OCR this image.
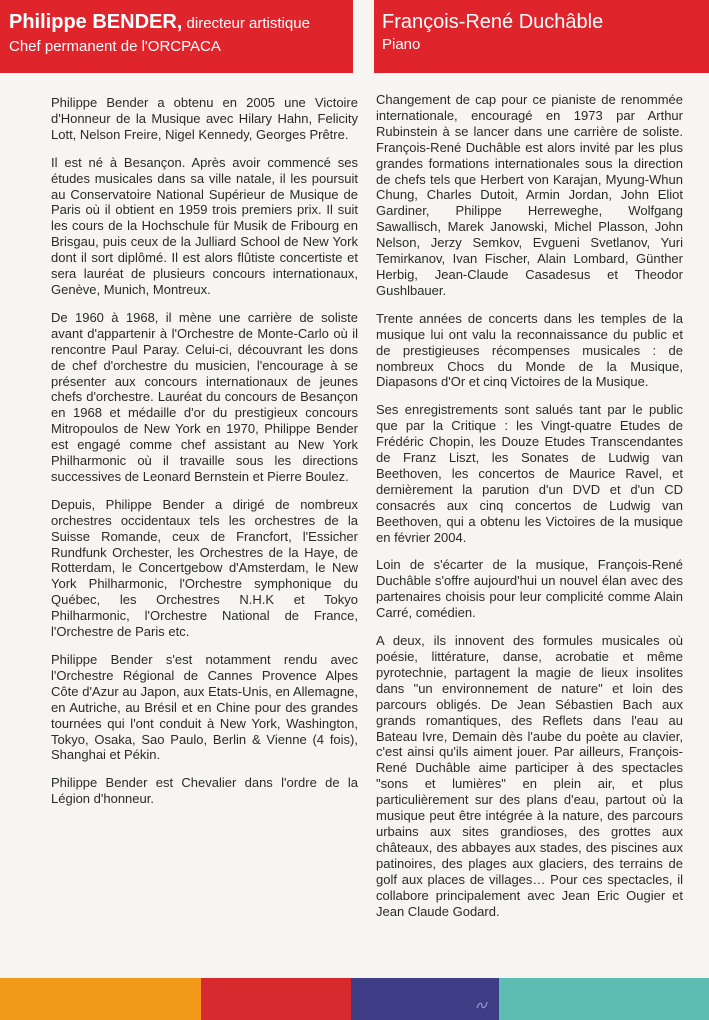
Philippe BENDER, directeur artistique
Chef permanent de l'ORCPACA
François-René Duchâble
Piano

Philippe Bender a obtenu en 2005 une Victoire d'Honneur de la Musique avec Hilary Hahn, Felicity Lott, Nelson Freire, Nigel Kennedy, Georges Prêtre.

Il est né à Besançon. Après avoir commencé ses études musicales dans sa ville natale, il les poursuit au Conservatoire National Supérieur de Musique de Paris où il obtient en 1959 trois premiers prix. Il suit les cours de la Hochschule für Musik de Fribourg en Brisgau, puis ceux de la Julliard School de New York dont il sort diplômé. Il est alors flûtiste concertiste et sera lauréat de plusieurs concours internationaux, Genève, Munich, Montreux.

De 1960 à 1968, il mène une carrière de soliste avant d'appartenir à l'Orchestre de Monte-Carlo où il rencontre Paul Paray. Celui-ci, découvrant les dons de chef d'orchestre du musicien, l'encourage à se présenter aux concours internationaux de jeunes chefs d'orchestre. Lauréat du concours de Besançon en 1968 et médaille d'or du prestigieux concours Mitropoulos de New York en 1970, Philippe Bender est engagé comme chef assistant au New York Philharmonic où il travaille sous les directions successives de Leonard Bernstein et Pierre Boulez.

Depuis, Philippe Bender a dirigé de nombreux orchestres occidentaux tels les orchestres de la Suisse Romande, ceux de Francfort, l'Essicher Rundfunk Orchester, les Orchestres de la Haye, de Rotterdam, le Concertgebow d'Amsterdam, le New York Philharmonic, l'Orchestre symphonique du Québec, les Orchestres N.H.K et Tokyo Philharmonic, l'Orchestre National de France, l'Orchestre de Paris etc.

Philippe Bender s'est notamment rendu avec l'Orchestre Régional de Cannes Provence Alpes Côte d'Azur au Japon, aux Etats-Unis, en Allemagne, en Autriche, au Brésil et en Chine pour des grandes tournées qui l'ont conduit à New York, Washington, Tokyo, Osaka, Sao Paulo, Berlin & Vienne (4 fois), Shanghai et Pékin.

Philippe Bender est Chevalier dans l'ordre de la Légion d'honneur.

Changement de cap pour ce pianiste de renommée internationale, encouragé en 1973 par Arthur Rubinstein à se lancer dans une carrière de soliste. François-René Duchâble est alors invité par les plus grandes formations internationales sous la direction de chefs tels que Herbert von Karajan, Myung-Whun Chung, Charles Dutoit, Armin Jordan, John Eliot Gardiner, Philippe Herreweghe, Wolfgang Sawallisch, Marek Janowski, Michel Plasson, John Nelson, Jerzy Semkov, Evgueni Svetlanov, Yuri Temirkanov, Ivan Fischer, Alain Lombard, Günther Herbig, Jean-Claude Casadesus et Theodor Gushlbauer.

Trente années de concerts dans les temples de la musique lui ont valu la reconnaissance du public et de prestigieuses récompenses musicales : de nombreux Chocs du Monde de la Musique, Diapasons d'Or et cinq Victoires de la Musique.

Ses enregistrements sont salués tant par le public que par la Critique : les Vingt-quatre Etudes de Frédéric Chopin, les Douze Etudes Transcendantes de Franz Liszt, les Sonates de Ludwig van Beethoven, les concertos de Maurice Ravel, et dernièrement la parution d'un DVD et d'un CD consacrés aux cinq concertos de Ludwig van Beethoven, qui a obtenu les Victoires de la musique en février 2004.

Loin de s'écarter de la musique, François-René Duchâble s'offre aujourd'hui un nouvel élan avec des partenaires choisis pour leur complicité comme Alain Carré, comédien.

A deux, ils innovent des formules musicales où poésie, littérature, danse, acrobatie et même pyrotechnie, partagent la magie de lieux insolites dans "un environnement de nature" et loin des parcours obligés. De Jean Sébastien Bach aux grands romantiques, des Reflets dans l'eau au Bateau Ivre, Demain dès l'aube du poète au clavier, c'est ainsi qu'ils aiment jouer. Par ailleurs, François-René Duchâble aime participer à des spectacles "sons et lumières" en plein air, et plus particulièrement sur des plans d'eau, partout où la musique peut être intégrée à la nature, des parcours urbains aux sites grandioses, des grottes aux châteaux, des abbayes aux stades, des piscines aux patinoires, des plages aux glaciers, des terrains de golf aux places de villages… Pour ces spectacles, il collabore principalement avec Jean Eric Ougier et Jean Claude Godard.
